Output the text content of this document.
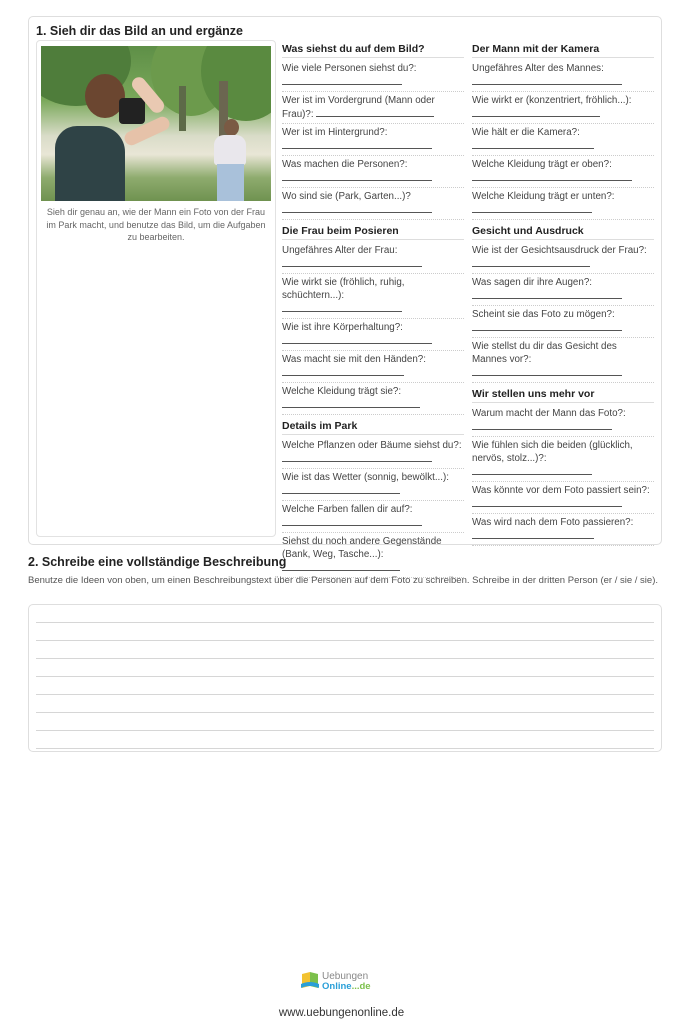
1. Sieh dir das Bild an und ergänze
Sieh dir genau an, wie der Mann ein Foto von der Frau im Park macht, und benutze das Bild, um die Aufgaben zu bearbeiten.
Was siehst du auf dem Bild?
Wie viele Personen siehst du?:
Wer ist im Vordergrund (Mann oder Frau)?:
Wer ist im Hintergrund?:
Was machen die Personen?:
Wo sind sie (Park, Garten...)?
Die Frau beim Posieren
Ungefähres Alter der Frau:
Wie wirkt sie (fröhlich, ruhig, schüchtern...):
Wie ist ihre Körperhaltung?:
Was macht sie mit den Händen?:
Welche Kleidung trägt sie?:
Details im Park
Welche Pflanzen oder Bäume siehst du?:
Wie ist das Wetter (sonnig, bewölkt...):
Welche Farben fallen dir auf?:
Siehst du noch andere Gegenstände (Bank, Weg, Tasche...):
Der Mann mit der Kamera
Ungefähres Alter des Mannes:
Wie wirkt er (konzentriert, fröhlich...):
Wie hält er die Kamera?:
Welche Kleidung trägt er oben?:
Welche Kleidung trägt er unten?:
Gesicht und Ausdruck
Wie ist der Gesichtsausdruck der Frau?:
Was sagen dir ihre Augen?:
Scheint sie das Foto zu mögen?:
Wie stellst du dir das Gesicht des Mannes vor?:
Wir stellen uns mehr vor
Warum macht der Mann das Foto?:
Wie fühlen sich die beiden (glücklich, nervös, stolz...)?:
Was könnte vor dem Foto passiert sein?:
Was wird nach dem Foto passieren?:
2. Schreibe eine vollständige Beschreibung
Benutze die Ideen von oben, um einen Beschreibungstext über die Personen auf dem Foto zu schreiben. Schreibe in der dritten Person (er / sie / sie).
Uebungen
Online...de
www.uebungenonline.de
